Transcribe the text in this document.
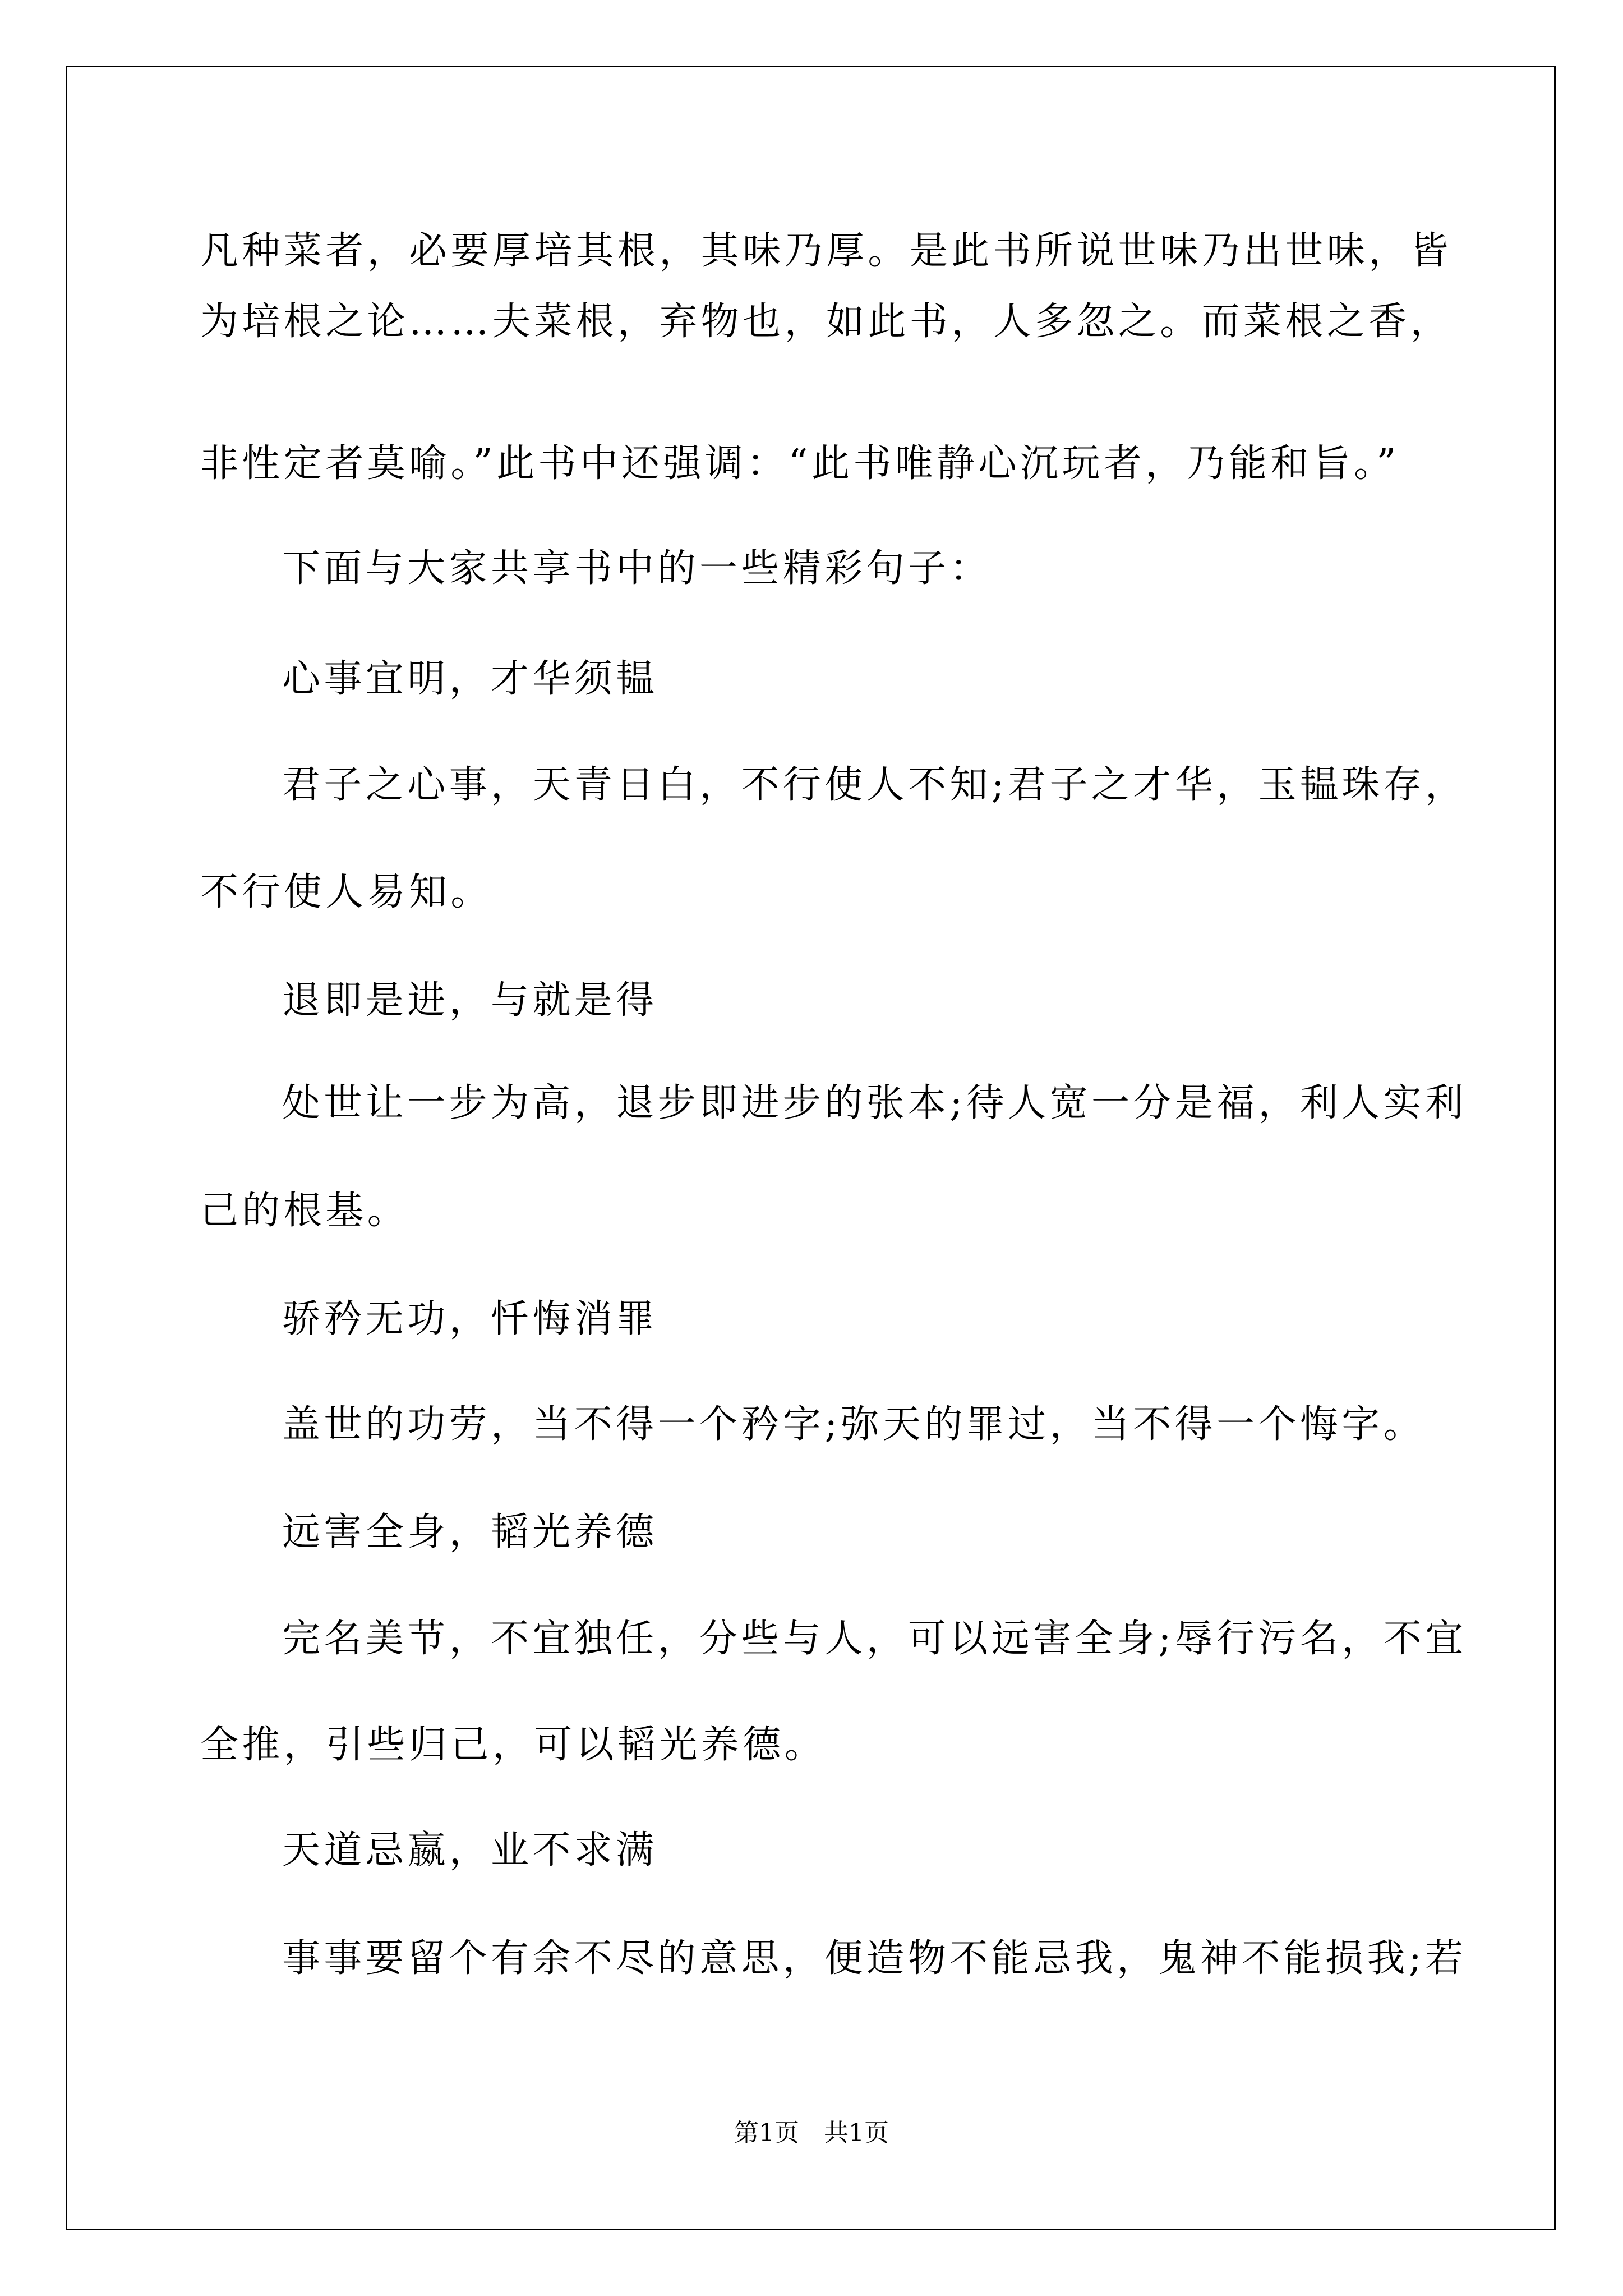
凡种菜者，必要厚培其根，其味乃厚。是此书所说世味乃出世味，皆
为培根之论……夫菜根，弃物也，如此书，人多忽之。而菜根之香，
非性定者莫喻。”此书中还强调：“此书唯静心沉玩者，乃能和旨。”
下面与大家共享书中的一些精彩句子：
心事宜明，才华须韫
君子之心事，天青日白，不行使人不知;君子之才华，玉韫珠存，
不行使人易知。
退即是进，与就是得
处世让一步为高，退步即进步的张本;待人宽一分是福，利人实利
己的根基。
骄矜无功，忏悔消罪
盖世的功劳，当不得一个矜字;弥天的罪过，当不得一个悔字。
远害全身，韬光养德
完名美节，不宜独任，分些与人，可以远害全身;辱行污名，不宜
全推，引些归己，可以韬光养德。
天道忌嬴，业不求满
事事要留个有余不尽的意思，便造物不能忌我，鬼神不能损我;若
第1页　共1页
